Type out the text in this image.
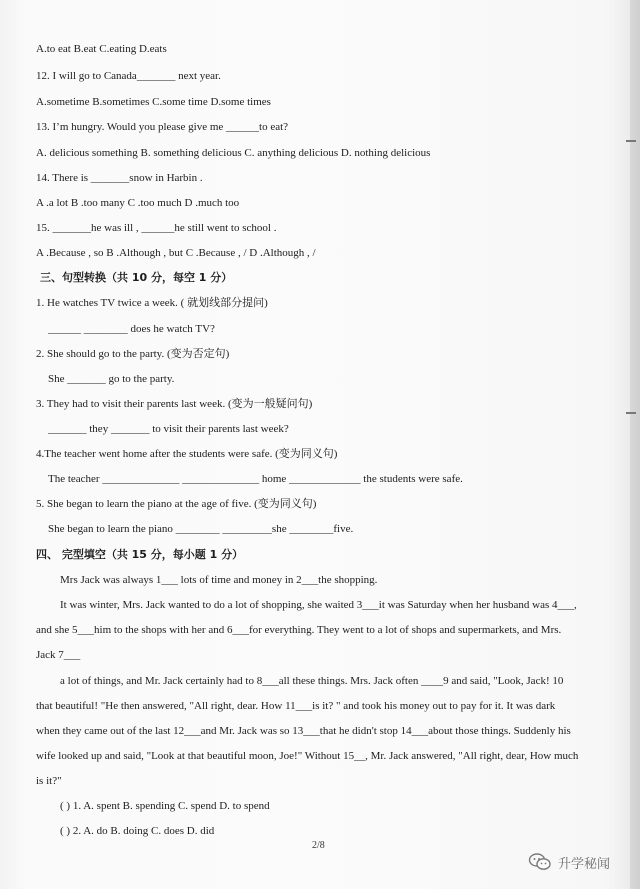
A.to eat B.eat C.eating D.eats
12. I will go to Canada_______ next year.
A.sometime B.sometimes C.some time D.some times
13. I’m hungry. Would you please give me ______to eat?
A. delicious something B. something delicious C. anything delicious D. nothing delicious
14. There is _______snow in Harbin .
A .a lot B .too many C .too much D .much too
15. _______he was ill , ______he still went to school .
A .Because , so B .Although , but C .Because , / D .Although , /
三、句型转换（共 10 分，每空 1 分）
1. He watches TV twice a week. ( 就划线部分提问)
______ ________ does he watch TV?
2. She should go to the party. (变为否定句)
She _______ go to the party.
3. They had to visit their parents last week. (变为一般疑问句)
_______ they _______ to visit their parents last week?
4.The teacher went home after the students were safe. (变为同义句)
The teacher ______________ ______________ home _____________ the students were safe.
5. She began to learn the piano at the age of five. (变为同义句)
She began to learn the piano ________ _________she ________five.
四、 完型填空（共 15 分，每小题 1 分）
Mrs Jack was always 1___ lots of time and money in 2___the shopping.
It was winter, Mrs. Jack wanted to do a lot of shopping, she waited 3___it was Saturday when her husband was 4___,
and she 5___him to the shops with her and 6___for everything. They went to a lot of shops and supermarkets, and Mrs.
Jack 7___
a lot of things, and Mr. Jack certainly had to 8___all these things. Mrs. Jack often ____9 and said, "Look, Jack! 10
that beautiful! "He then answered, "All right, dear. How 11___is it? " and took his money out to pay for it. It was dark
when they came out of the last 12___and Mr. Jack was so 13___that he didn't stop 14___about those things. Suddenly his
wife looked up and said, "Look at that beautiful moon, Joe!" Without 15__, Mr. Jack answered, "All right, dear, How much
is it?"
( ) 1. A. spent B. spending C. spend D. to spend
( ) 2. A. do B. doing C. does D. did
2/8
升学秘闻
